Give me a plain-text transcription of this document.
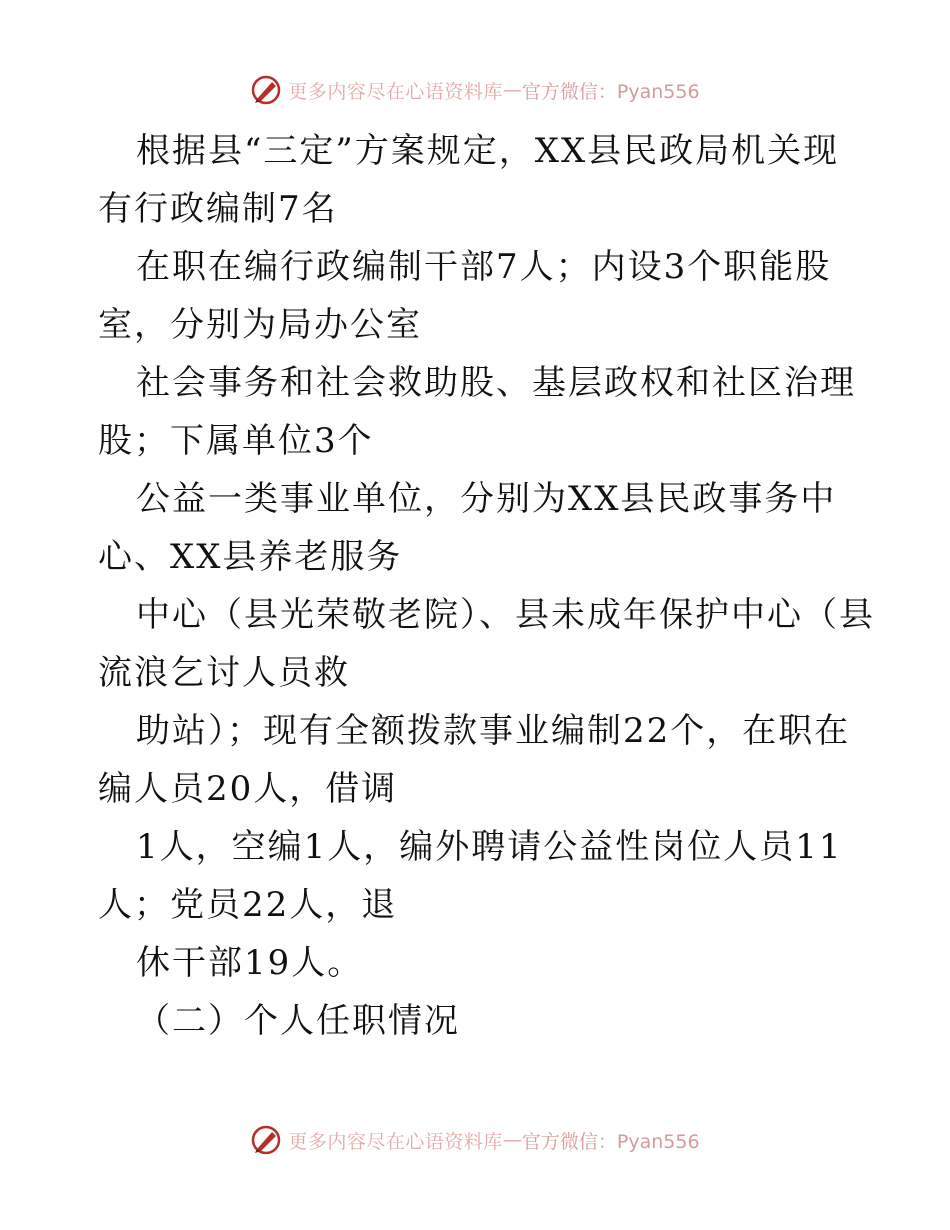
更多内容尽在心语资料库 — 官方微信：Pyan556
根据县“三定”方案规定，XX县民政局机关现
有行政编制7名
在职在编行政编制干部7人；内设3个职能股
室，分别为局办公室
社会事务和社会救助股、基层政权和社区治理
股；下属单位3个
公益一类事业单位，分别为XX县民政事务中
心、XX县养老服务
中心（县光荣敬老院）、县未成年保护中心（县
流浪乞讨人员救
助站）；现有全额拨款事业编制22个，在职在
编人员20人，借调
1人，空编1人，编外聘请公益性岗位人员11
人；党员22人，退
休干部19人。
（二）个人任职情况
更多内容尽在心语资料库 — 官方微信：Pyan556
